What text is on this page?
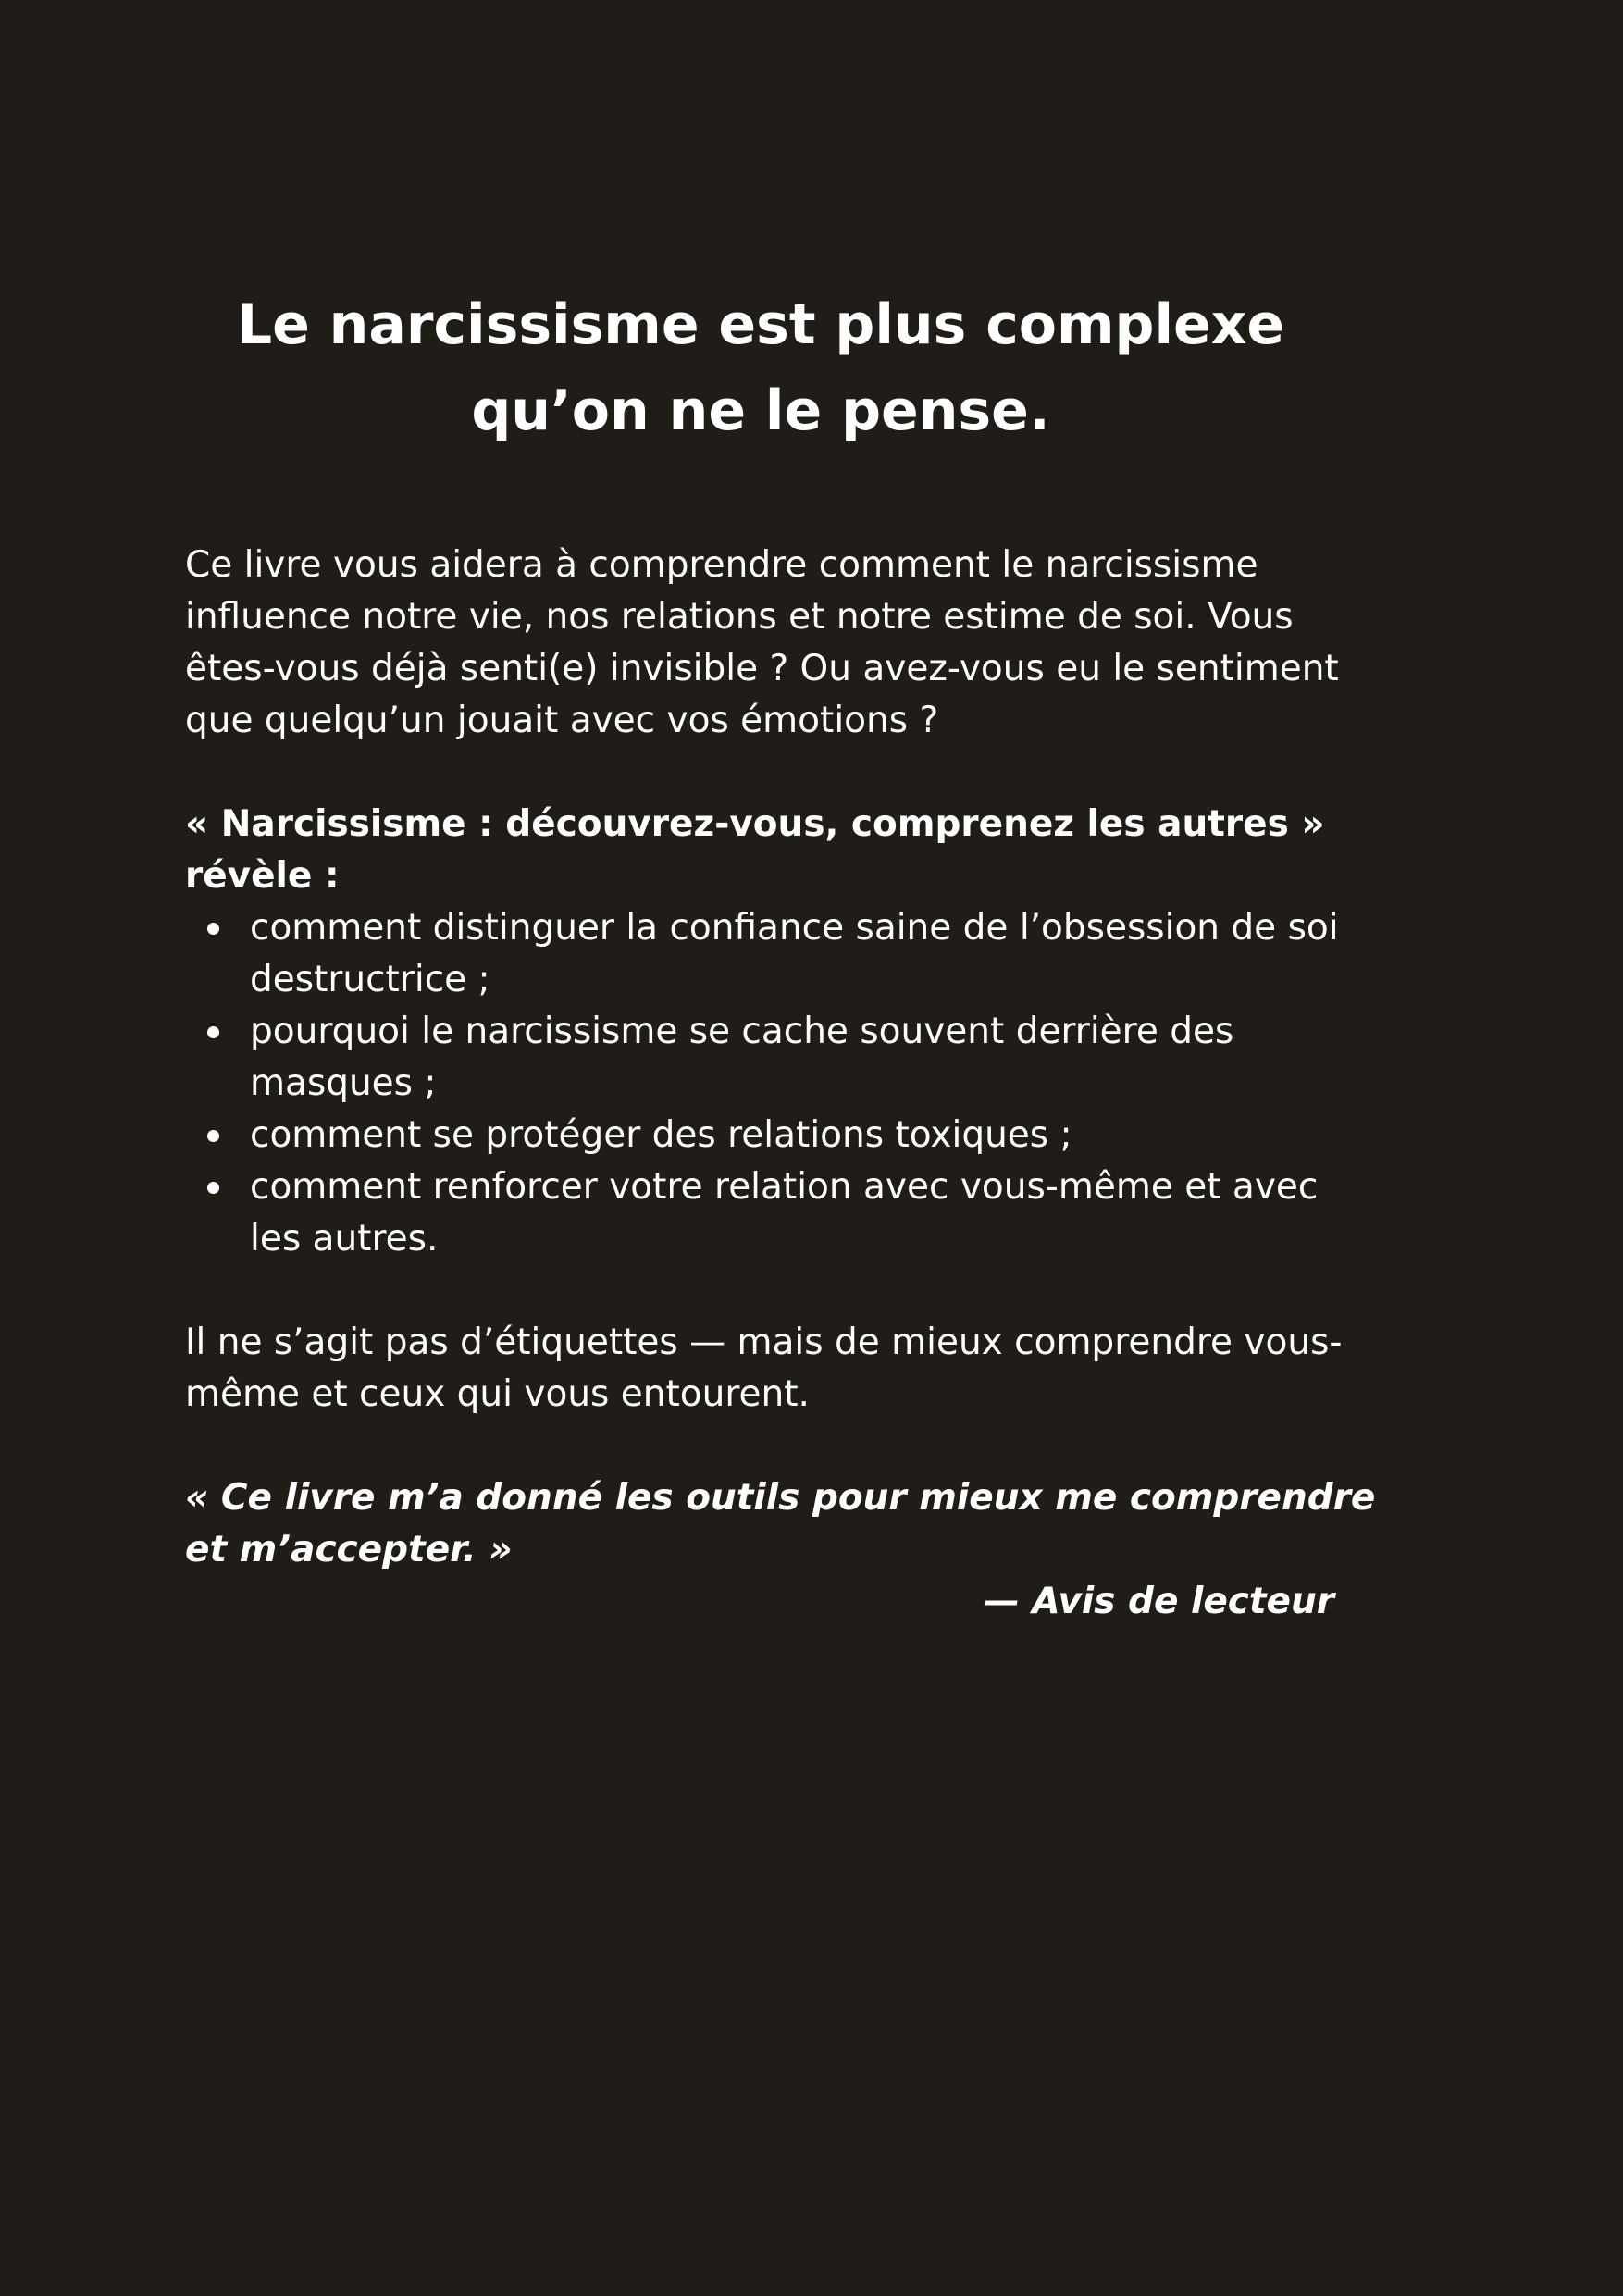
Le narcissisme est plus complexe
qu’on ne le pense.

Ce livre vous aidera à comprendre comment le narcissisme influence notre vie, nos relations et notre estime de soi. Vous êtes-vous déjà senti(e) invisible ? Ou avez-vous eu le sentiment que quelqu’un jouait avec vos émotions ?

« Narcissisme : découvrez-vous, comprenez les autres » révèle :

comment distinguer la confiance saine de l’obsession de soi destructrice ;
pourquoi le narcissisme se cache souvent derrière des masques ;
comment se protéger des relations toxiques ;
comment renforcer votre relation avec vous-même et avec les autres.

Il ne s’agit pas d’étiquettes — mais de mieux comprendre vous-même et ceux qui vous entourent.

« Ce livre m’a donné les outils pour mieux me comprendre et m’accepter. »

— Avis de lecteur
